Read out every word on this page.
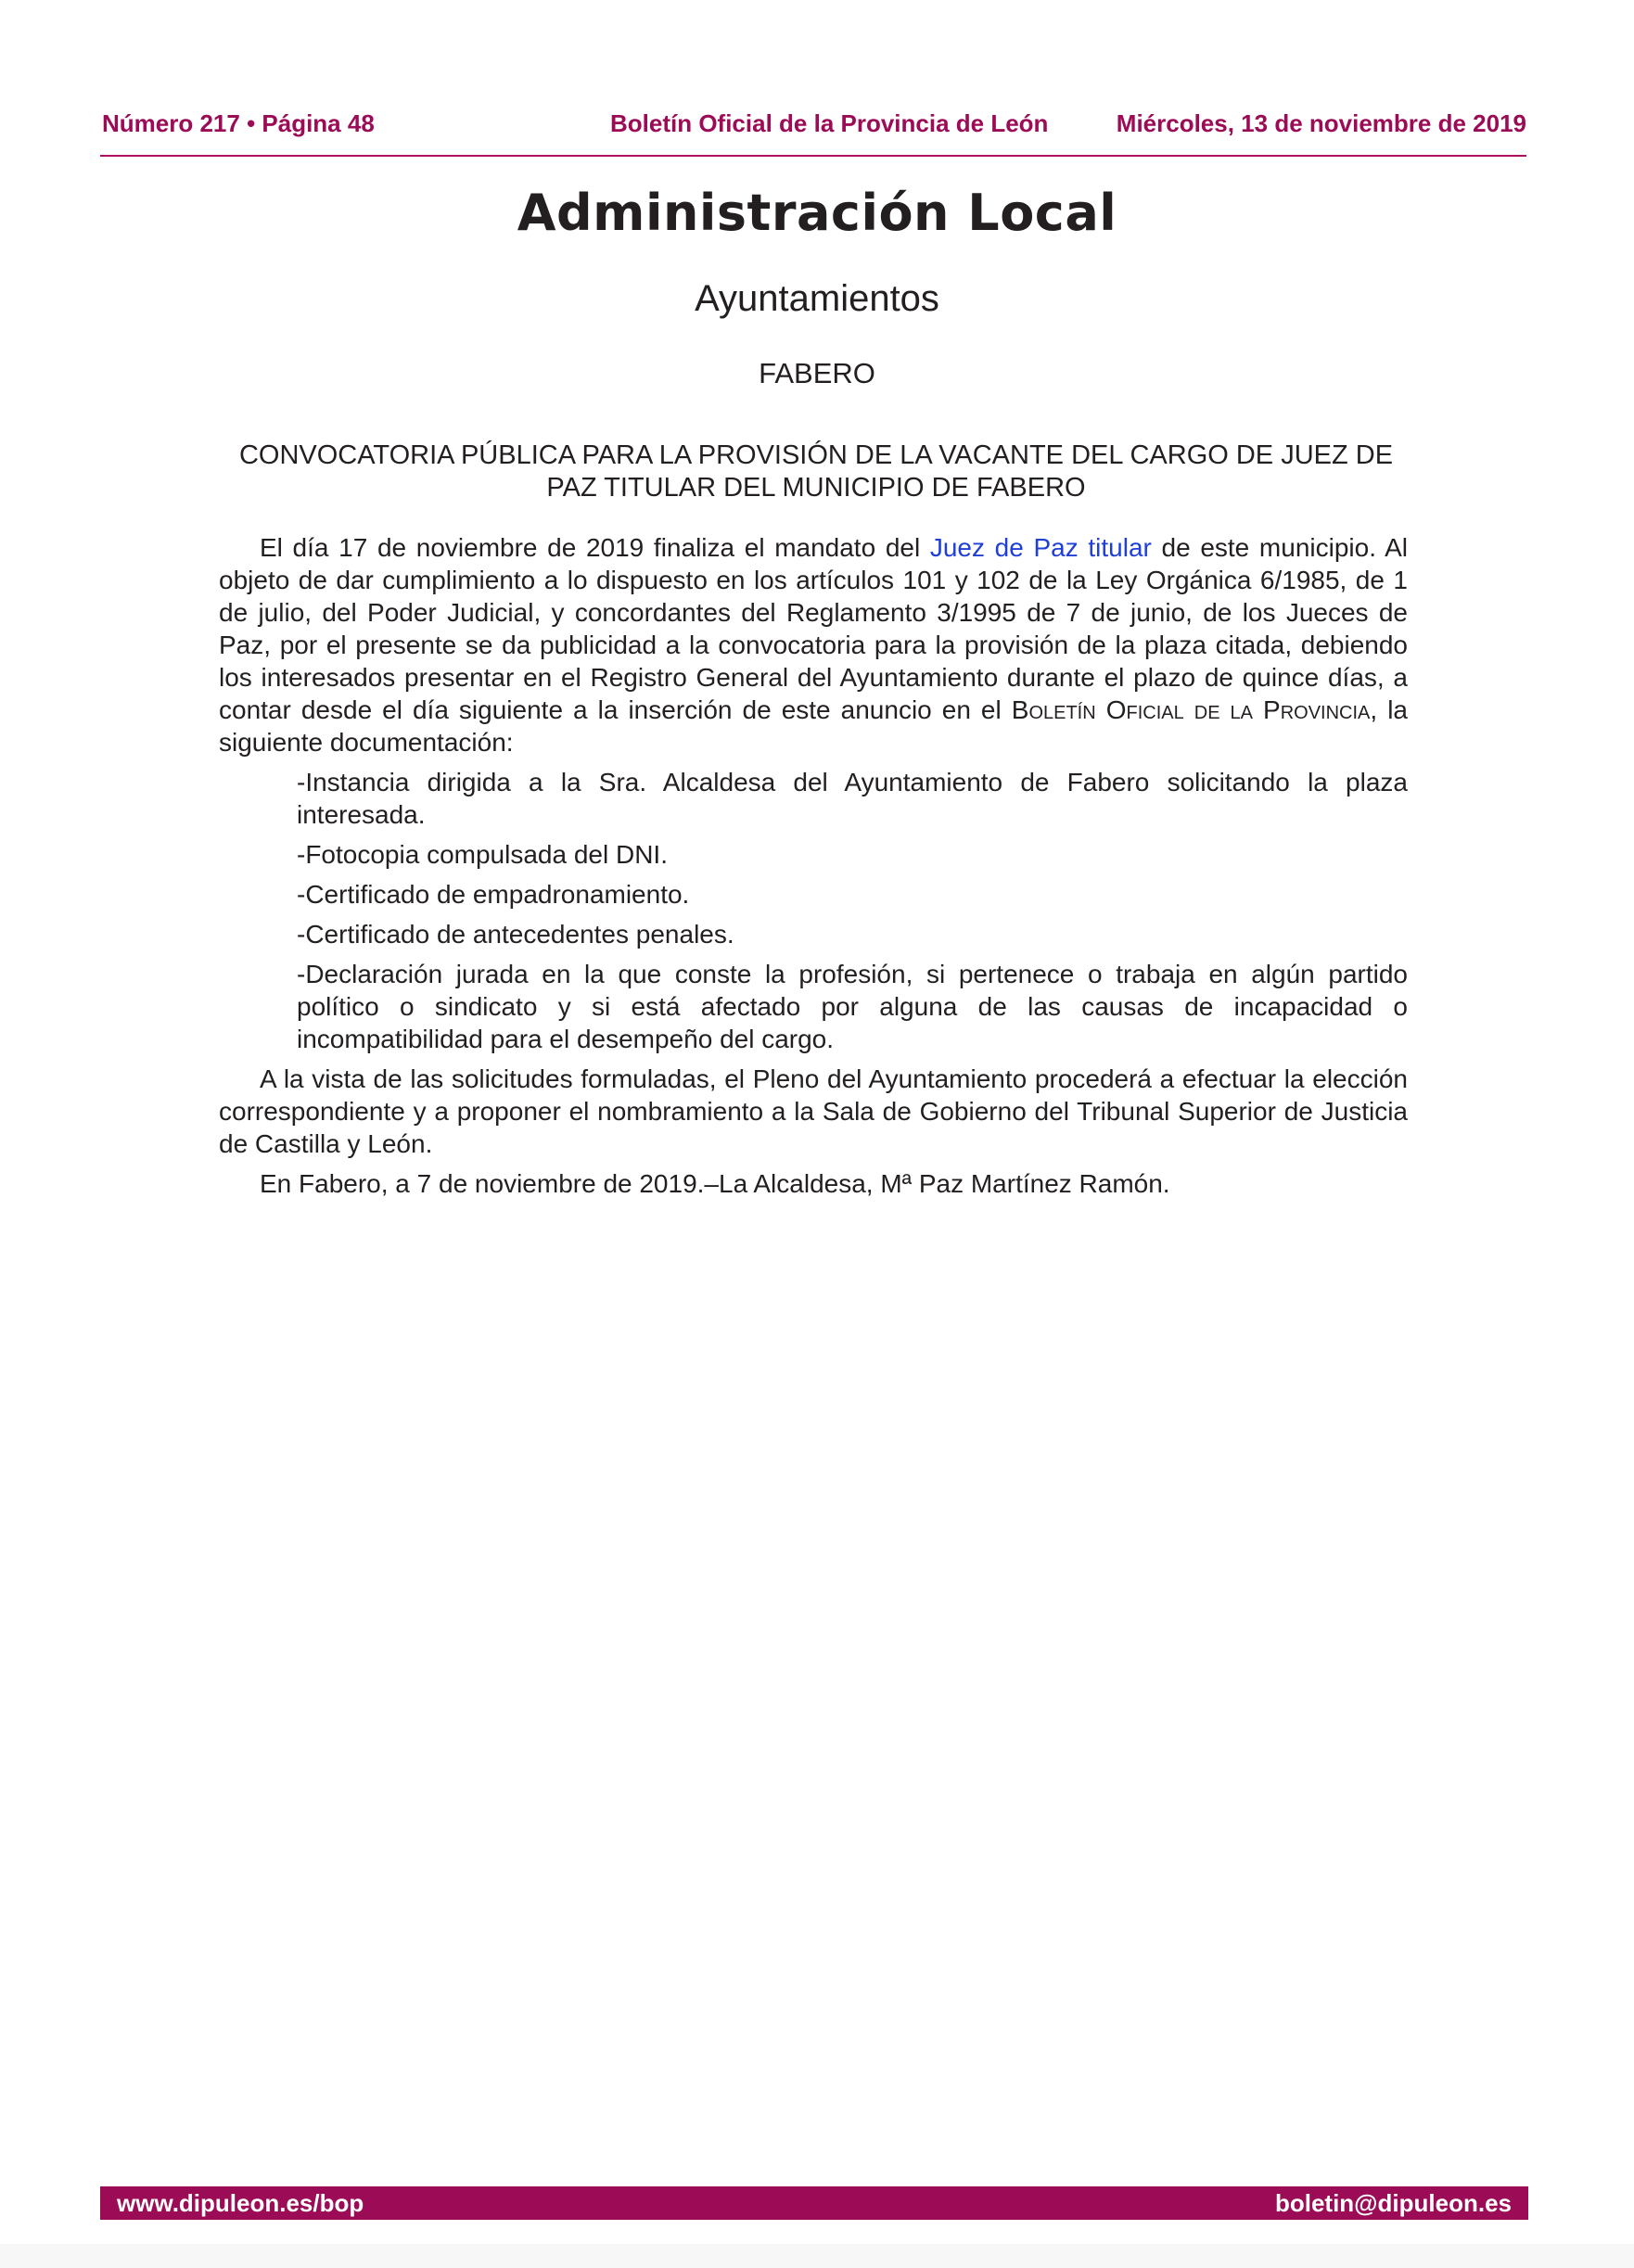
Número 217 • Página 48	Boletín Oficial de la Provincia de León	Miércoles, 13 de noviembre de 2019
Administración Local
Ayuntamientos
FABERO
CONVOCATORIA PÚBLICA PARA LA PROVISIÓN DE LA VACANTE DEL CARGO DE JUEZ DE PAZ TITULAR DEL MUNICIPIO DE FABERO

El día 17 de noviembre de 2019 finaliza el mandato del Juez de Paz titular de este municipio. Al objeto de dar cumplimiento a lo dispuesto en los artículos 101 y 102 de la Ley Orgánica 6/1985, de 1 de julio, del Poder Judicial, y concordantes del Reglamento 3/1995 de 7 de junio, de los Jueces de Paz, por el presente se da publicidad a la convocatoria para la provisión de la plaza citada, debiendo los interesados presentar en el Registro General del Ayuntamiento durante el plazo de quince días, a contar desde el día siguiente a la inserción de este anuncio en el Boletín Oficial de la Provincia, la siguiente documentación:

-Instancia dirigida a la Sra. Alcaldesa del Ayuntamiento de Fabero solicitando la plaza interesada.

-Fotocopia compulsada del DNI.

-Certificado de empadronamiento.

-Certificado de antecedentes penales.

-Declaración jurada en la que conste la profesión, si pertenece o trabaja en algún partido político o sindicato y si está afectado por alguna de las causas de incapacidad o incompatibilidad para el desempeño del cargo.

A la vista de las solicitudes formuladas, el Pleno del Ayuntamiento procederá a efectuar la elección correspondiente y a proponer el nombramiento a la Sala de Gobierno del Tribunal Superior de Justicia de Castilla y León.

En Fabero, a 7 de noviembre de 2019.–La Alcaldesa, Mª Paz Martínez Ramón.

www.dipuleon.es/bop	boletin@dipuleon.es
